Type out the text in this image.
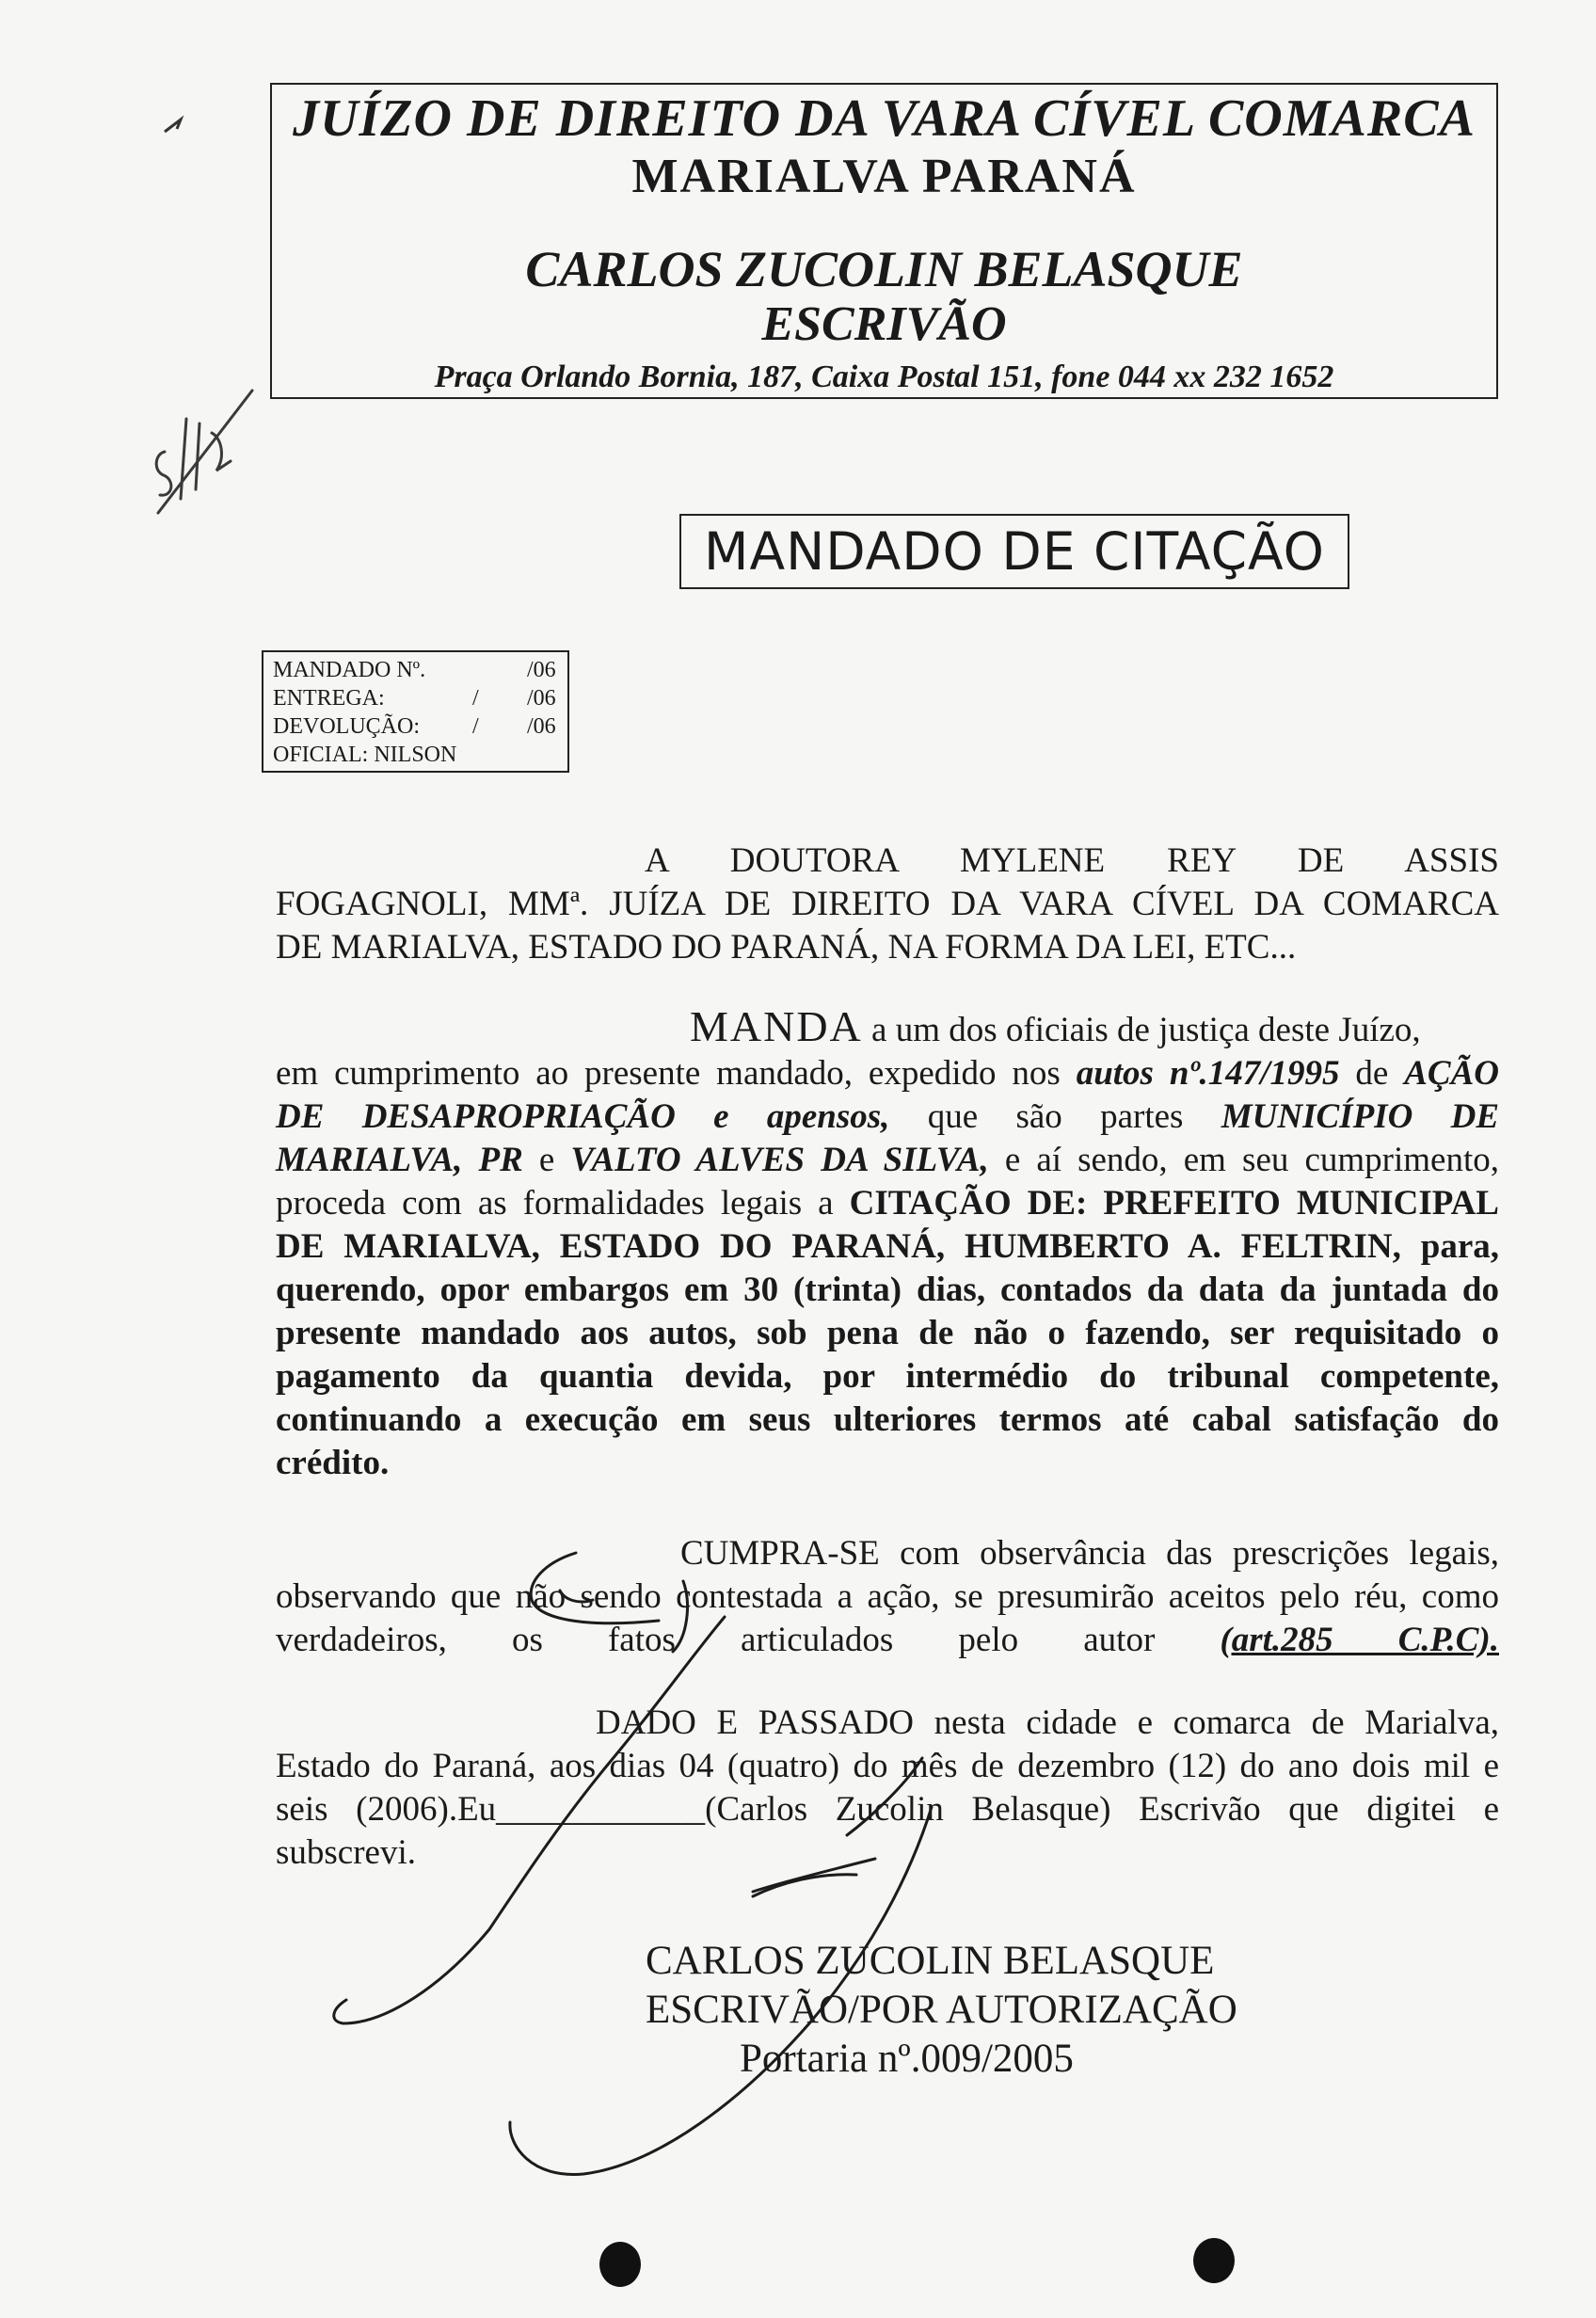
JUÍZO DE DIREITO DA VARA CÍVEL COMARCA
MARIALVA PARANÁ
CARLOS ZUCOLIN BELASQUE
ESCRIVÃO
Praça Orlando Bornia, 187, Caixa Postal 151, fone 044 xx 232 1652
MANDADO DE CITAÇÃO
MANDADO Nº.	/06
ENTREGA:	/ /06
DEVOLUÇÃO: / /06
OFICIAL: NILSON
A DOUTORA MYLENE REY DE ASSIS
FOGAGNOLI, MMª. JUÍZA DE DIREITO DA VARA CÍVEL DA COMARCA
DE MARIALVA, ESTADO DO PARANÁ, NA FORMA DA LEI, ETC...
MANDA a um dos oficiais de justiça deste Juízo,
em cumprimento ao presente mandado, expedido nos autos nº.147/1995 de AÇÃO
DE DESAPROPRIAÇÃO e apensos, que são partes MUNICÍPIO DE
MARIALVA, PR e VALTO ALVES DA SILVA, e aí sendo, em seu cumprimento,
proceda com as formalidades legais a CITAÇÃO DE: PREFEITO MUNICIPAL
DE MARIALVA, ESTADO DO PARANÁ, HUMBERTO A. FELTRIN, para,
querendo, opor embargos em 30 (trinta) dias, contados da data da juntada do
presente mandado aos autos, sob pena de não o fazendo, ser requisitado o
pagamento da quantia devida, por intermédio do tribunal competente,
continuando a execução em seus ulteriores termos até cabal satisfação do
crédito.
CUMPRA-SE com observância das prescrições legais,
observando que não sendo contestada a ação, se presumirão aceitos pelo réu, como
verdadeiros, os fatos articulados pelo autor (art.285 C.P.C).
DADO E PASSADO nesta cidade e comarca de Marialva,
Estado do Paraná, aos dias 04 (quatro) do mês de dezembro (12) do ano dois mil e
seis (2006).Eu____________(Carlos Zucolin Belasque) Escrivão que digitei e
subscrevi.
CARLOS ZUCOLIN BELASQUE
ESCRIVÃO/POR AUTORIZAÇÃO
Portaria nº.009/2005
